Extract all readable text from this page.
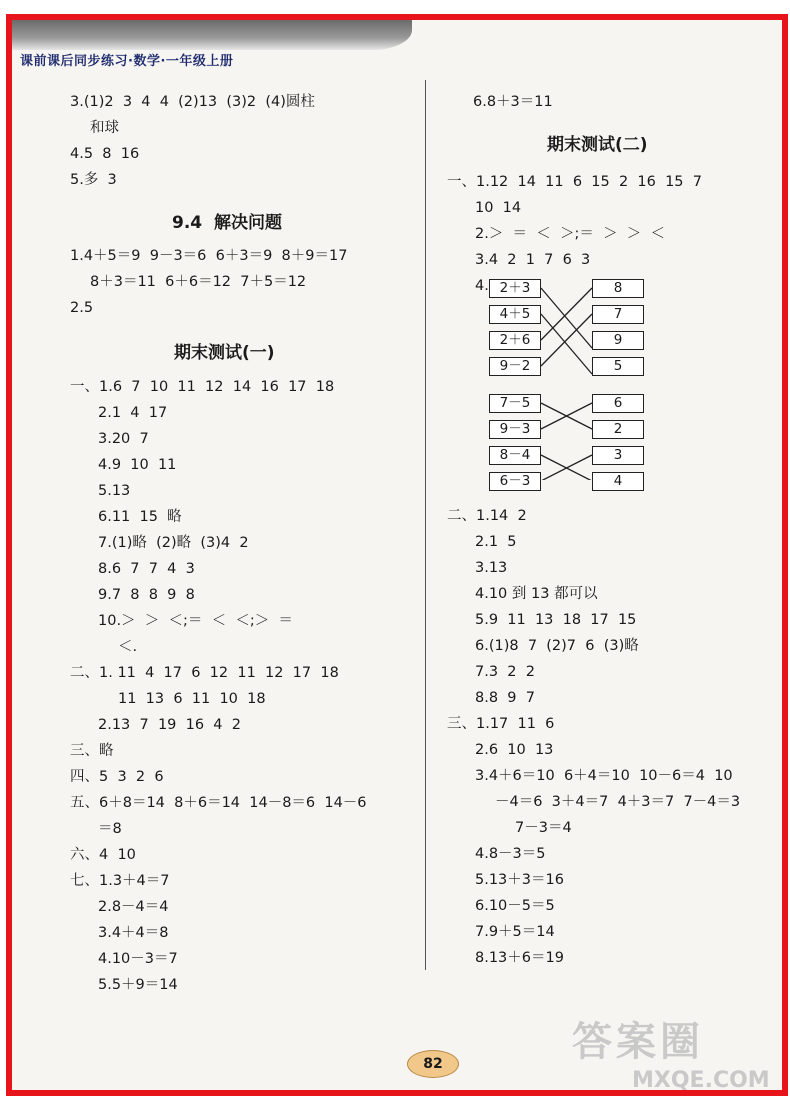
课前课后同步练习·数学·一年级上册
3.(1)2  3  4  4  (2)13  (3)2  (4)圆柱
和球
4.5  8  16
5.多  3
9.4  解决问题
1.4＋5＝9  9－3＝6  6＋3＝9  8＋9＝17
8＋3＝11  6＋6＝12  7＋5＝12
2.5
期末测试(一)
一、1.6  7  10  11  12  14  16  17  18
2.1  4  17
3.20  7
4.9  10  11
5.13
6.11  15  略
7.(1)略  (2)略  (3)4  2
8.6  7  7  4  3
9.7  8  8  9  8
10.＞  ＞  ＜;＝  ＜  ＜;＞  ＝
＜.
二、1. 11  4  17  6  12  11  12  17  18
11  13  6  11  10  18
2.13  7  19  16  4  2
三、略
四、5  3  2  6
五、6＋8＝14  8＋6＝14  14－8＝6  14－6
＝8
六、4  10
七、1.3＋4＝7
2.8－4＝4
3.4＋4＝8
4.10－3＝7
5.5＋9＝14
6.8＋3＝11
期末测试(二)
一、1.12  14  11  6  15  2  16  15  7
10  14
2.＞  ＝  ＜  ＞;＝  ＞  ＞  ＜
3.4  2  1  7  6  3
4. 2＋3
4＋5
2＋6
9－2
8
7
9
5
7－5
9－3
8－4
6－3
6
2
3
4
二、1.14  2
2.1  5
3.13
4.10 到 13 都可以
5.9  11  13  18  17  15
6.(1)8  7  (2)7  6  (3)略
7.3  2  2
8.8  9  7
三、1.17  11  6
2.6  10  13
3.4＋6＝10  6＋4＝10  10－6＝4  10
－4＝6  3＋4＝7  4＋3＝7  7－4＝3
7－3＝4
4.8－3＝5
5.13＋3＝16
6.10－5＝5
7.9＋5＝14
8.13＋6＝19
82	答案圈
MXQE.COM
